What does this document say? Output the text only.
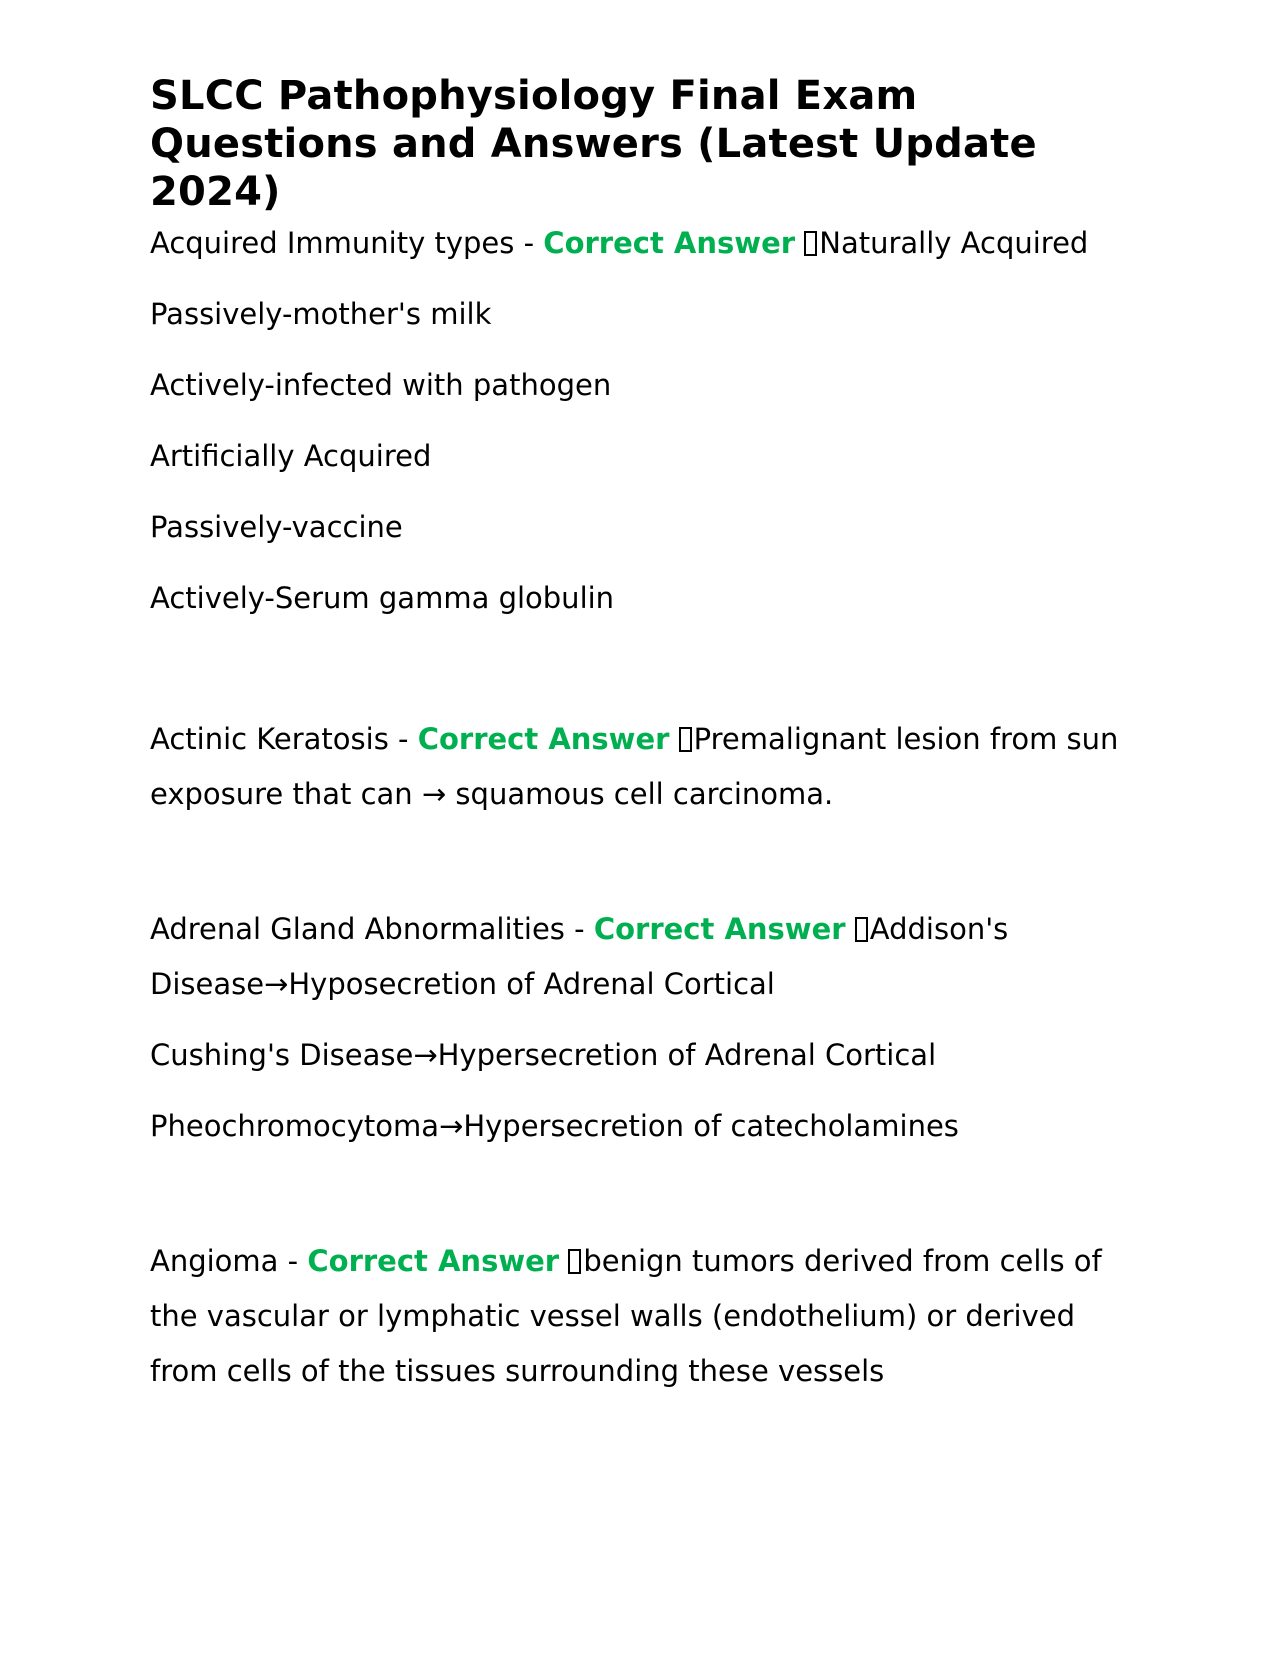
SLCC Pathophysiology Final Exam Questions and Answers (Latest Update 2024)
Acquired Immunity types - Correct Answer Naturally Acquired
Passively-mother's milk
Actively-infected with pathogen
Artificially Acquired
Passively-vaccine
Actively-Serum gamma globulin
Actinic Keratosis - Correct Answer Premalignant lesion from sun exposure that can → squamous cell carcinoma.
Adrenal Gland Abnormalities - Correct Answer Addison's Disease→Hyposecretion of Adrenal Cortical
Cushing's Disease→Hypersecretion of Adrenal Cortical
Pheochromocytoma→Hypersecretion of catecholamines
Angioma - Correct Answer benign tumors derived from cells of the vascular or lymphatic vessel walls (endothelium) or derived from cells of the tissues surrounding these vessels
